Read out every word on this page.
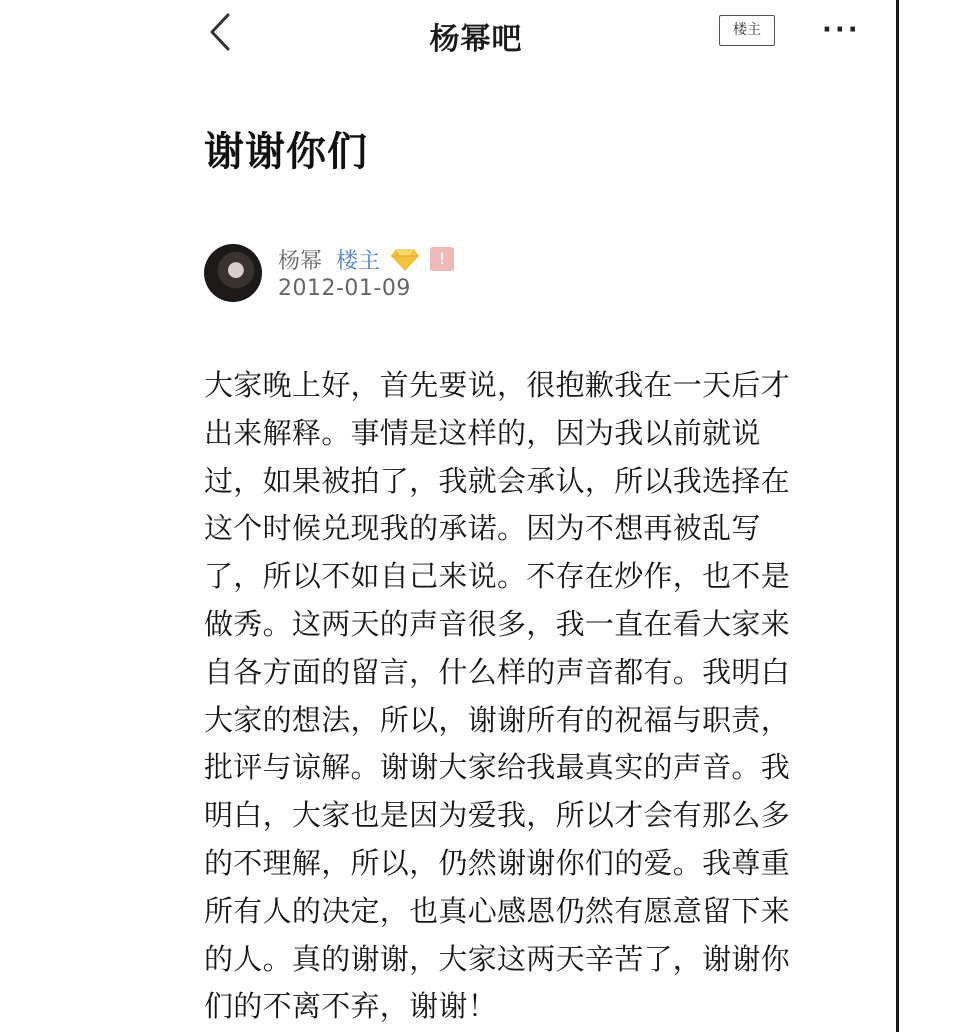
杨幂吧	楼主	···
谢谢你们
杨幂 楼主	!
2012-01-09
大家晚上好，首先要说，很抱歉我在一天后才
出来解释。事情是这样的，因为我以前就说
过，如果被拍了，我就会承认，所以我选择在
这个时候兑现我的承诺。因为不想再被乱写
了，所以不如自己来说。不存在炒作，也不是
做秀。这两天的声音很多，我一直在看大家来
自各方面的留言，什么样的声音都有。我明白
大家的想法，所以，谢谢所有的祝福与职责，
批评与谅解。谢谢大家给我最真实的声音。我
明白，大家也是因为爱我，所以才会有那么多
的不理解，所以，仍然谢谢你们的爱。我尊重
所有人的决定，也真心感恩仍然有愿意留下来
的人。真的谢谢，大家这两天辛苦了，谢谢你
们的不离不弃，谢谢！
